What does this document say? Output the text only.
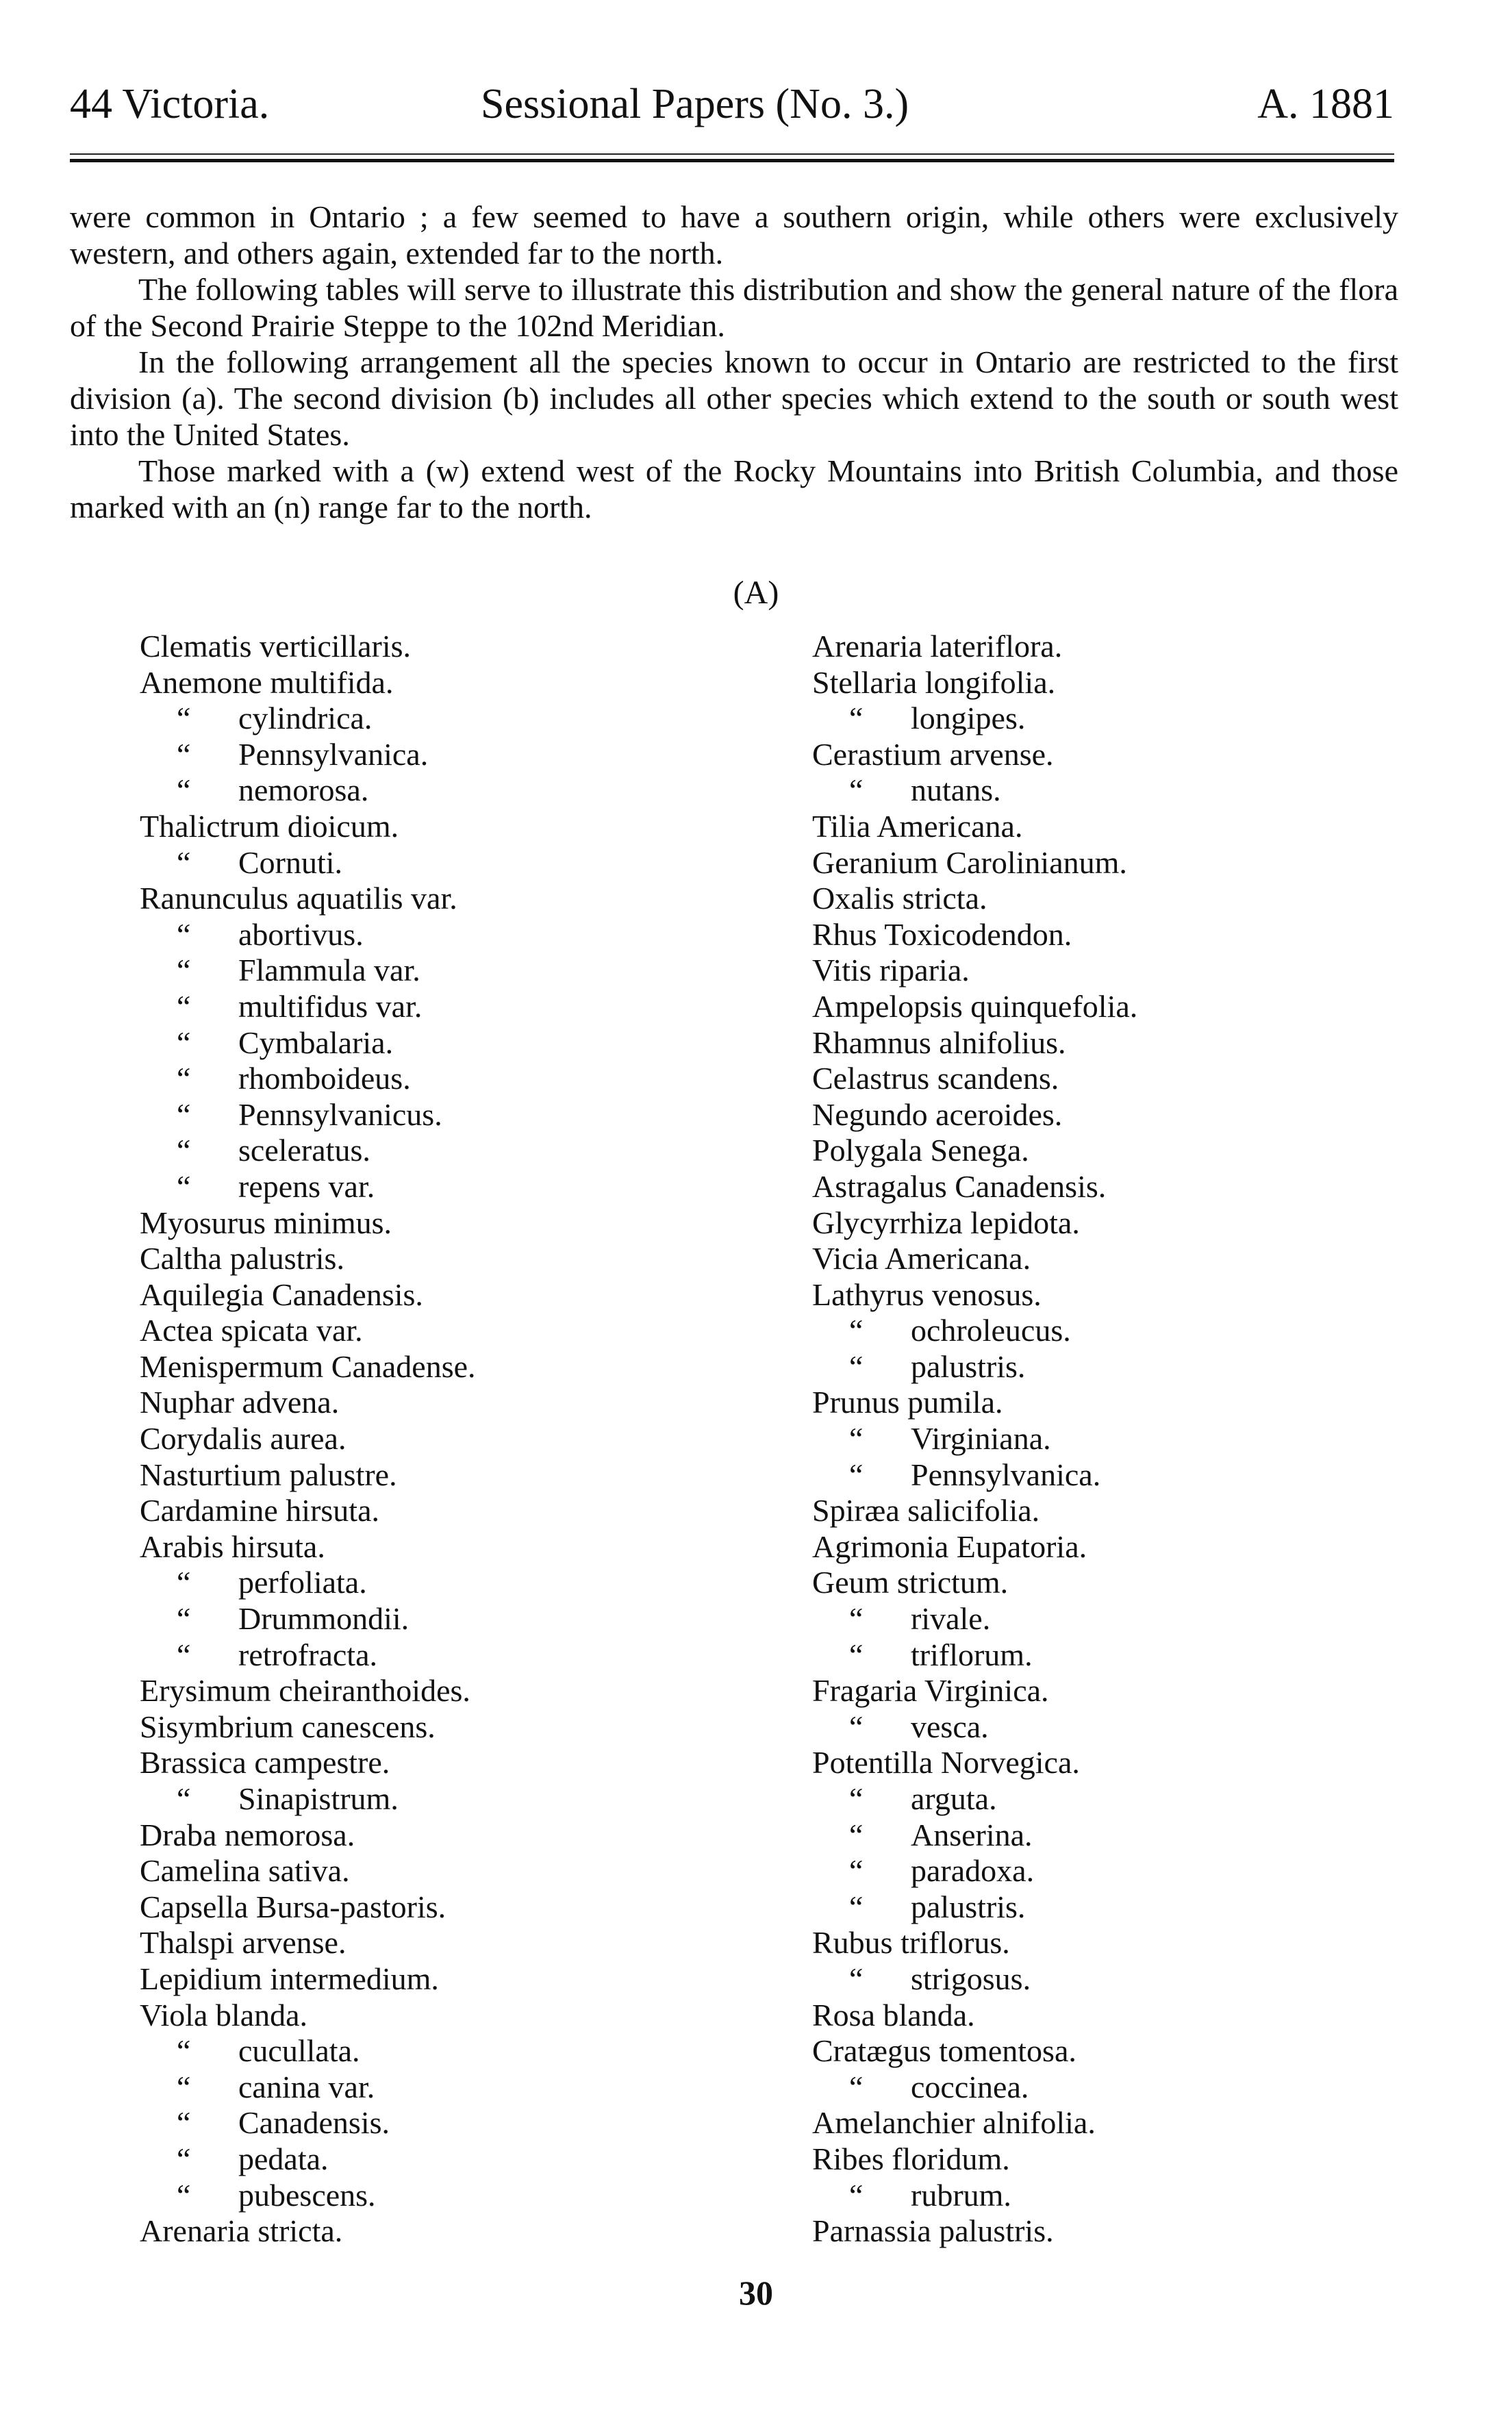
44 Victoria.	Sessional Papers (No. 3.)	A. 1881

were common in Ontario ; a few seemed to have a southern origin, while others were exclusively western, and others again, extended far to the north.

The following tables will serve to illustrate this distribution and show the general nature of the flora of the Second Prairie Steppe to the 102nd Meridian.

In the following arrangement all the species known to occur in Ontario are restricted to the first division (a). The second division (b) includes all other species which extend to the south or south west into the United States.

Those marked with a (w) extend west of the Rocky Mountains into British Columbia, and those marked with an (n) range far to the north.

(A)
Clematis verticillaris.
Anemone multifida.
“ cylindrica.
“ Pennsylvanica.
“ nemorosa.
Thalictrum dioicum.
“ Cornuti.
Ranunculus aquatilis var.
“ abortivus.
“ Flammula var.
“ multifidus var.
“ Cymbalaria.
“ rhomboideus.
“ Pennsylvanicus.
“ sceleratus.
“ repens var.
Myosurus minimus.
Caltha palustris.
Aquilegia Canadensis.
Actea spicata var.
Menispermum Canadense.
Nuphar advena.
Corydalis aurea.
Nasturtium palustre.
Cardamine hirsuta.
Arabis hirsuta.
“ perfoliata.
“ Drummondii.
“ retrofracta.
Erysimum cheiranthoides.
Sisymbrium canescens.
Brassica campestre.
“ Sinapistrum.
Draba nemorosa.
Camelina sativa.
Capsella Bursa-pastoris.
Thalspi arvense.
Lepidium intermedium.
Viola blanda.
“ cucullata.
“ canina var.
“ Canadensis.
“ pedata.
“ pubescens.
Arenaria stricta.
Arenaria lateriflora.
Stellaria longifolia.
“ longipes.
Cerastium arvense.
“ nutans.
Tilia Americana.
Geranium Carolinianum.
Oxalis stricta.
Rhus Toxicodendon.
Vitis riparia.
Ampelopsis quinquefolia.
Rhamnus alnifolius.
Celastrus scandens.
Negundo aceroides.
Polygala Senega.
Astragalus Canadensis.
Glycyrrhiza lepidota.
Vicia Americana.
Lathyrus venosus.
“ ochroleucus.
“ palustris.
Prunus pumila.
“ Virginiana.
“ Pennsylvanica.
Spiræa salicifolia.
Agrimonia Eupatoria.
Geum strictum.
“ rivale.
“ triflorum.
Fragaria Virginica.
“ vesca.
Potentilla Norvegica.
“ arguta.
“ Anserina.
“ paradoxa.
“ palustris.
Rubus triflorus.
“ strigosus.
Rosa blanda.
Cratægus tomentosa.
“ coccinea.
Amelanchier alnifolia.
Ribes floridum.
“ rubrum.
Parnassia palustris.
30
